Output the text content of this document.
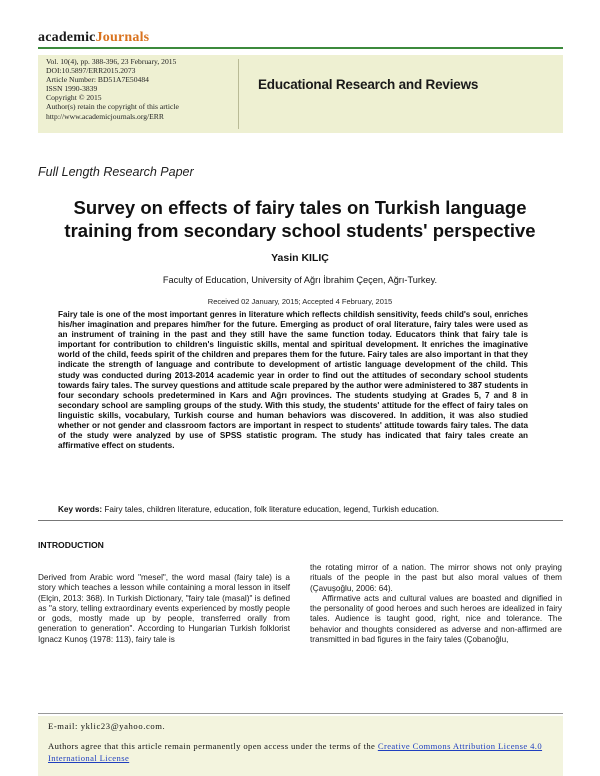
academicJournals
Vol. 10(4), pp. 388-396, 23 February, 2015
DOI:10.5897/ERR2015.2073
Article Number: BD51A7E50484
ISSN 1990-3839
Copyright © 2015
Author(s) retain the copyright of this article
http://www.academicjournals.org/ERR
Educational Research and Reviews
Full Length Research Paper
Survey on effects of fairy tales on Turkish language
training from secondary school students' perspective
Yasin KILIÇ
Faculty of Education, University of Ağrı İbrahim Çeçen, Ağrı-Turkey.
Received 02 January, 2015; Accepted 4 February, 2015
Fairy tale is one of the most important genres in literature which reflects childish sensitivity, feeds child's soul, enriches his/her imagination and prepares him/her for the future. Emerging as product of oral literature, fairy tales were used as an instrument of training in the past and they still have the same function today. Educators think that fairy tale is important for contribution to children's linguistic skills, mental and spiritual development. It enriches the imaginative world of the child, feeds spirit of the children and prepares them for the future. Fairy tales are also important in that they indicate the strength of language and contribute to development of artistic language development of the child. This study was conducted during 2013-2014 academic year in order to find out the attitudes of secondary school students towards fairy tales. The survey questions and attitude scale prepared by the author were administered to 387 students in four secondary schools predetermined in Kars and Ağrı provinces. The students studying at Grades 5, 7 and 8 in secondary school are sampling groups of the study. With this study, the students' attitude for the effect of fairy tales on linguistic skills, vocabulary, Turkish course and human behaviors was discovered. In addition, it was also studied whether or not gender and classroom factors are important in respect to students' attitude towards fairy tales. The data of the study were analyzed by use of SPSS statistic program. The study has indicated that fairy tales create an affirmative effect on students.
Key words: Fairy tales, children literature, education, folk literature education, legend, Turkish education.
INTRODUCTION

Derived from Arabic word "mesel", the word masal (fairy tale) is a story which teaches a lesson while containing a moral lesson in itself (Elçin, 2013: 368). In Turkish Dictionary, "fairy tale (masal)" is defined as "a story, telling extraordinary events experienced by mostly people or gods, mostly made up by people, transferred orally from generation to generation". According to Hungarian Turkish folklorist Ignacz Kunoş (1978: 113), fairy tale is

the rotating mirror of a nation. The mirror shows not only praying rituals of the people in the past but also moral values of them (Çavuşoğlu, 2006: 64).

Affirmative acts and cultural values are boasted and dignified in the personality of good heroes and such heroes are idealized in fairy tales. Audience is taught good, right, nice and tolerance. The behavior and thoughts considered as adverse and non-affirmed are transmitted in bad figures in the fairy tales (Çobanoğlu,

E-mail: yklic23@yahoo.com.
Authors agree that this article remain permanently open access under the terms of the Creative Commons Attribution License 4.0 International License
